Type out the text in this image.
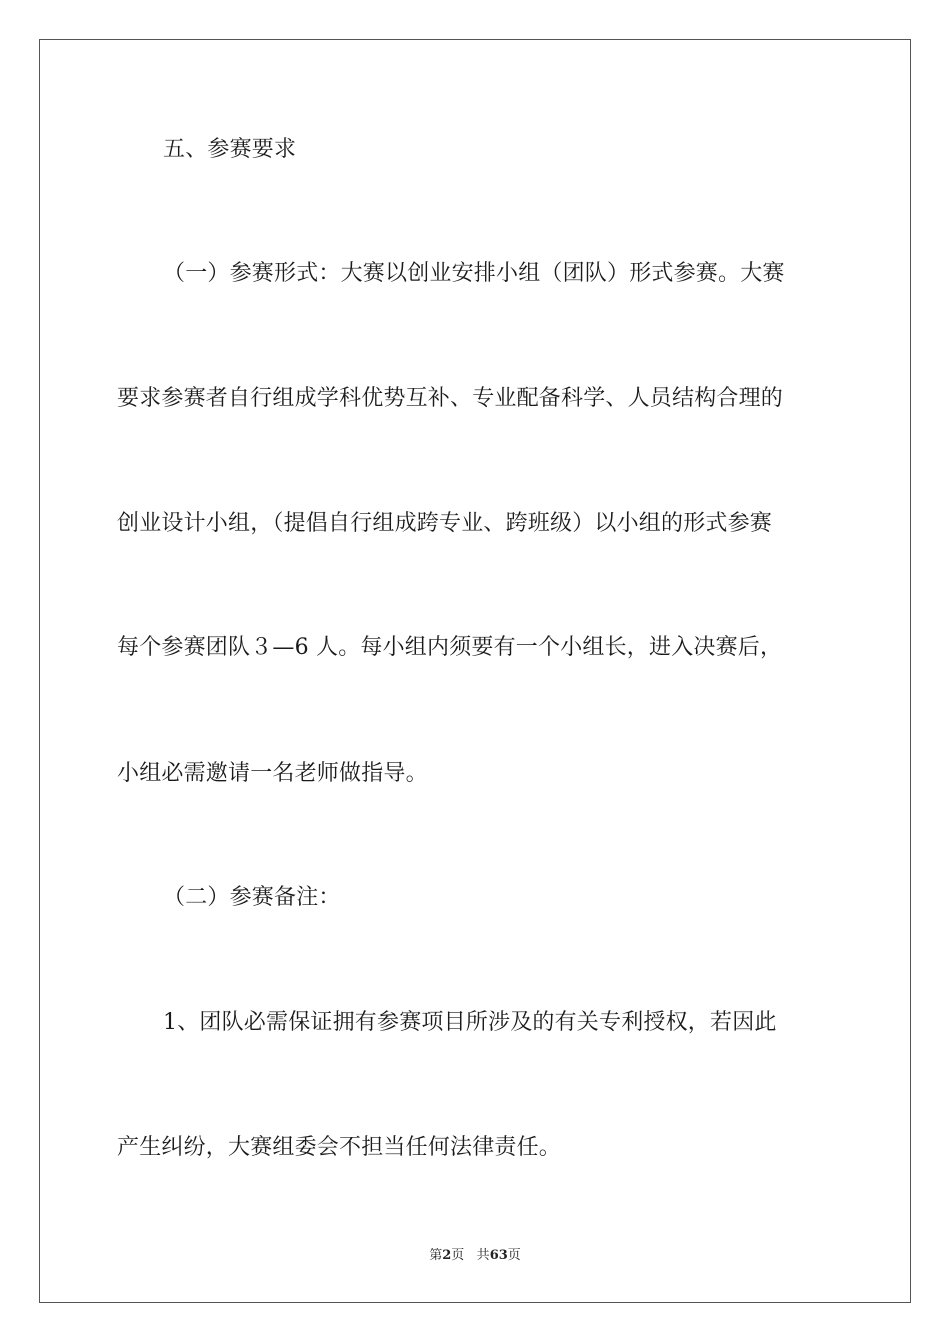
五、参赛要求
（一）参赛形式：大赛以创业安排小组（团队）形式参赛。大赛
要求参赛者自行组成学科优势互补、专业配备科学、人员结构合理的
创业设计小组，（提倡自行组成跨专业、跨班级）以小组的形式参赛
每个参赛团队３—6 人。每小组内须要有一个小组长，进入决赛后，
小组必需邀请一名老师做指导。
（二）参赛备注：
1、团队必需保证拥有参赛项目所涉及的有关专利授权，若因此
产生纠纷，大赛组委会不担当任何法律责任。
第2页 共63页
